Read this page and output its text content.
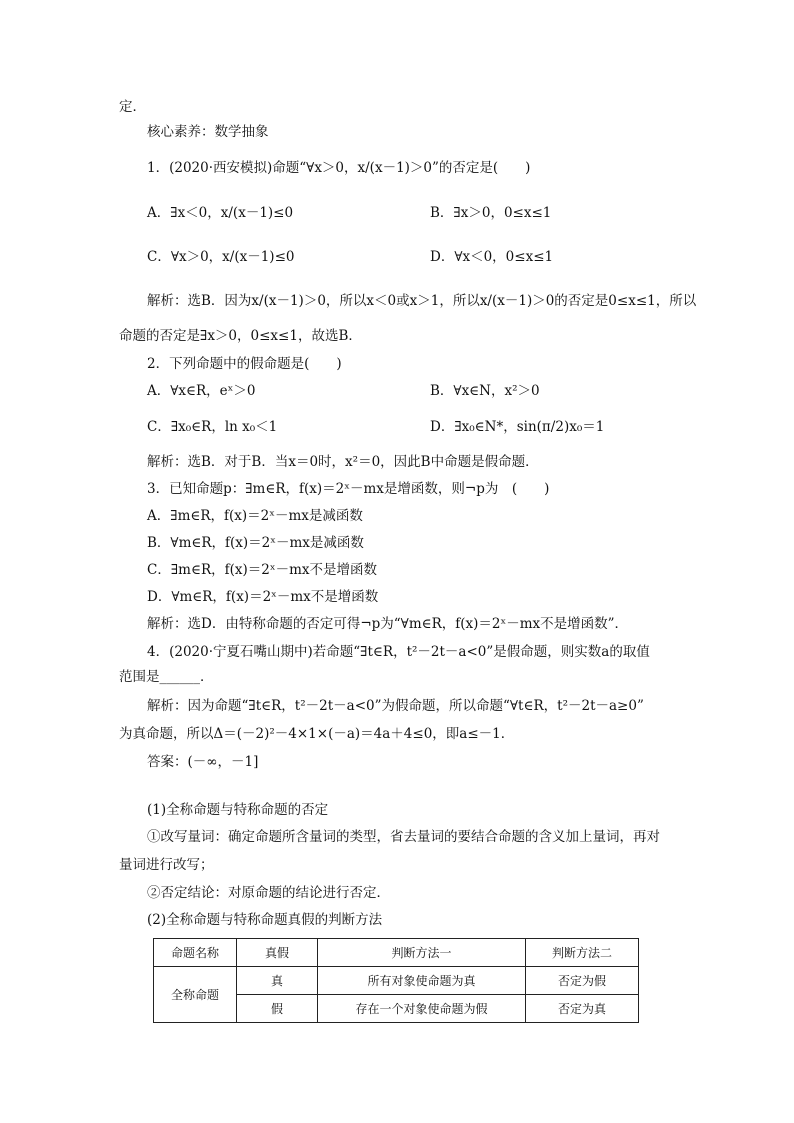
定．
核心素养：数学抽象
1．(2020·西安模拟)命题“∀x＞0，x/(x－1)＞0”的否定是(　　)
A．∃x＜0，x/(x－1)≤0	B．∃x＞0，0≤x≤1
C．∀x＞0，x/(x－1)≤0	D．∀x＜0，0≤x≤1
解析：选B．因为x/(x－1)＞0，所以x＜0或x＞1，所以x/(x－1)＞0的否定是0≤x≤1，所以
命题的否定是∃x＞0，0≤x≤1，故选B．
2．下列命题中的假命题是(　　)
A．∀x∈R，eˣ＞0	B．∀x∈N，x²＞0
C．∃x₀∈R，ln x₀＜1	D．∃x₀∈N*，sin(π/2)x₀＝1
解析：选B．对于B．当x＝0时，x²＝0，因此B中命题是假命题．
3．已知命题p：∃m∈R，f(x)＝2ˣ－mx是增函数，则¬p为　(　　)
A．∃m∈R，f(x)＝2ˣ－mx是减函数
B．∀m∈R，f(x)＝2ˣ－mx是减函数
C．∃m∈R，f(x)＝2ˣ－mx不是增函数
D．∀m∈R，f(x)＝2ˣ－mx不是增函数
解析：选D．由特称命题的否定可得¬p为“∀m∈R，f(x)＝2ˣ－mx不是增函数”．
4．(2020·宁夏石嘴山期中)若命题“∃t∈R，t²－2t－a<0”是假命题，则实数a的取值
范围是______．
解析：因为命题“∃t∈R，t²－2t－a<0”为假命题，所以命题“∀t∈R，t²－2t－a≥0”
为真命题，所以Δ＝(－2)²－4×1×(－a)＝4a＋4≤0，即a≤－1．
答案：(－∞，－1]
(1)全称命题与特称命题的否定
①改写量词：确定命题所含量词的类型，省去量词的要结合命题的含义加上量词，再对
量词进行改写；
②否定结论：对原命题的结论进行否定．
(2)全称命题与特称命题真假的判断方法
命题名称	真假	判断方法一	判断方法二
全称命题	真	所有对象使命题为真	否定为假
	假	存在一个对象使命题为假	否定为真
